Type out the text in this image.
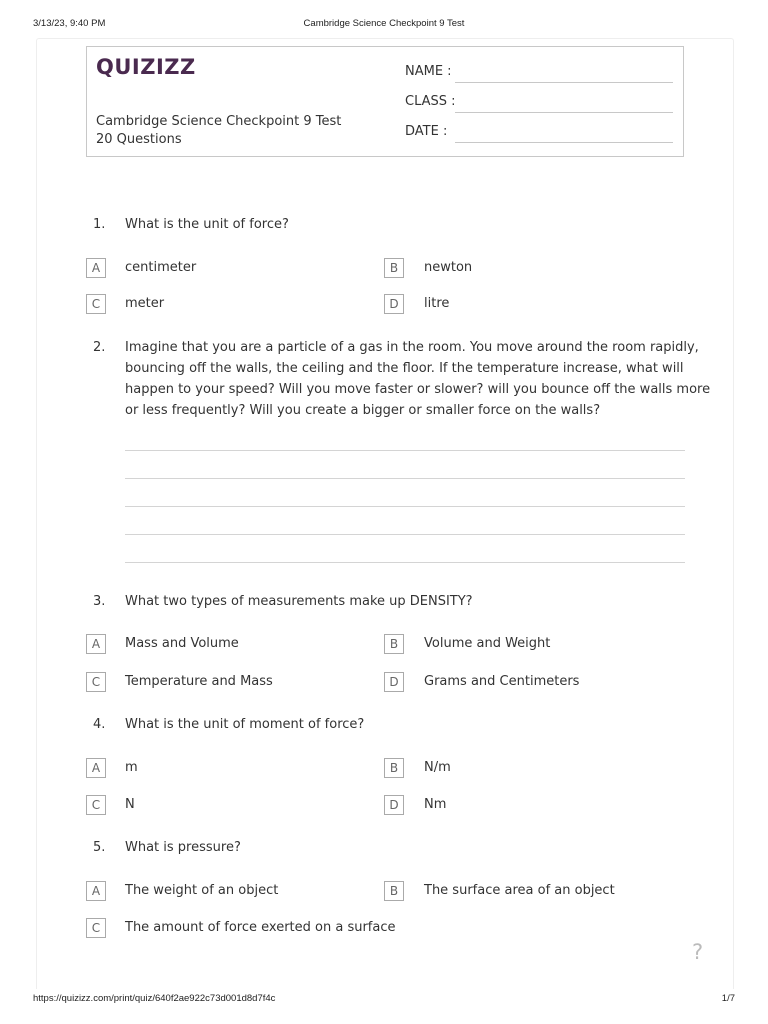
3/13/23, 9:40 PM	Cambridge Science Checkpoint 9 Test
QUIZIZZ
Cambridge Science Checkpoint 9 Test
20 Questions
NAME :
CLASS :
DATE :
1. What is the unit of force?
A	centimeter	B	newton
C	meter	D	litre
2. Imagine that you are a particle of a gas in the room. You move around the room rapidly,
bouncing off the walls, the ceiling and the floor. If the temperature increase, what will
happen to your speed? Will you move faster or slower? will you bounce off the walls more
or less frequently? Will you create a bigger or smaller force on the walls?
3. What two types of measurements make up DENSITY?
A	Mass and Volume	B	Volume and Weight
C	Temperature and Mass	D	Grams and Centimeters
4. What is the unit of moment of force?
A	m	B	N/m
C	N	D	Nm
5. What is pressure?
A	The weight of an object	B	The surface area of an object
C	The amount of force exerted on a surface
?
https://quizizz.com/print/quiz/640f2ae922c73d001d8d7f4c	1/7
